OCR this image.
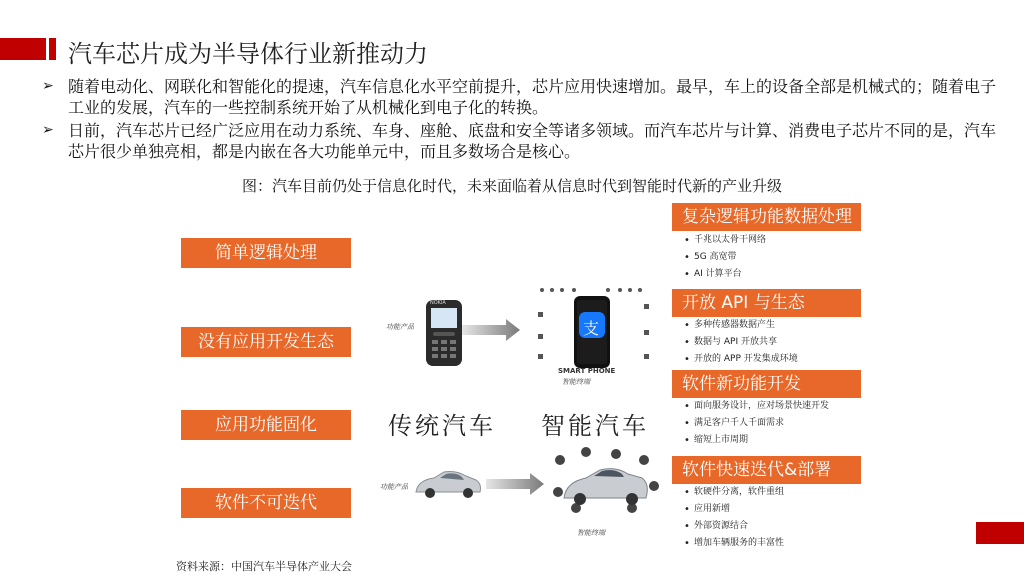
汽车芯片成为半导体行业新推动力
➢ 随着电动化、网联化和智能化的提速，汽车信息化水平空前提升，芯片应用快速增加。最早，车上的设备全部是机械式的；随着电子工业的发展，汽车的一些控制系统开始了从机械化到电子化的转换。
➢ 日前，汽车芯片已经广泛应用在动力系统、车身、座舱、底盘和安全等诸多领域。而汽车芯片与计算、消费电子芯片不同的是，汽车芯片很少单独亮相，都是内嵌在各大功能单元中，而且多数场合是核心。
图：汽车目前仍处于信息化时代，未来面临着从信息时代到智能时代新的产业升级
简单逻辑处理
没有应用开发生态
应用功能固化
软件不可迭代
NOKIA
功能产品	支
SMART PHONE
智能终端
传统汽车 智能汽车
功能产品
智能终端
复杂逻辑功能数据处理
• 千兆以太骨干网络
• 5G 高宽带
• AI 计算平台
开放 API 与生态
• 多种传感器数据产生
• 数据与 API 开放共享
• 开放的 APP 开发集成环境
软件新功能开发
• 面向服务设计，应对场景快速开发
• 满足客户千人千面需求
• 缩短上市周期
软件快速迭代&部署
• 软硬件分离，软件重组
• 应用新增
• 外部资源结合
• 增加车辆服务的丰富性
资料来源：中国汽车半导体产业大会
